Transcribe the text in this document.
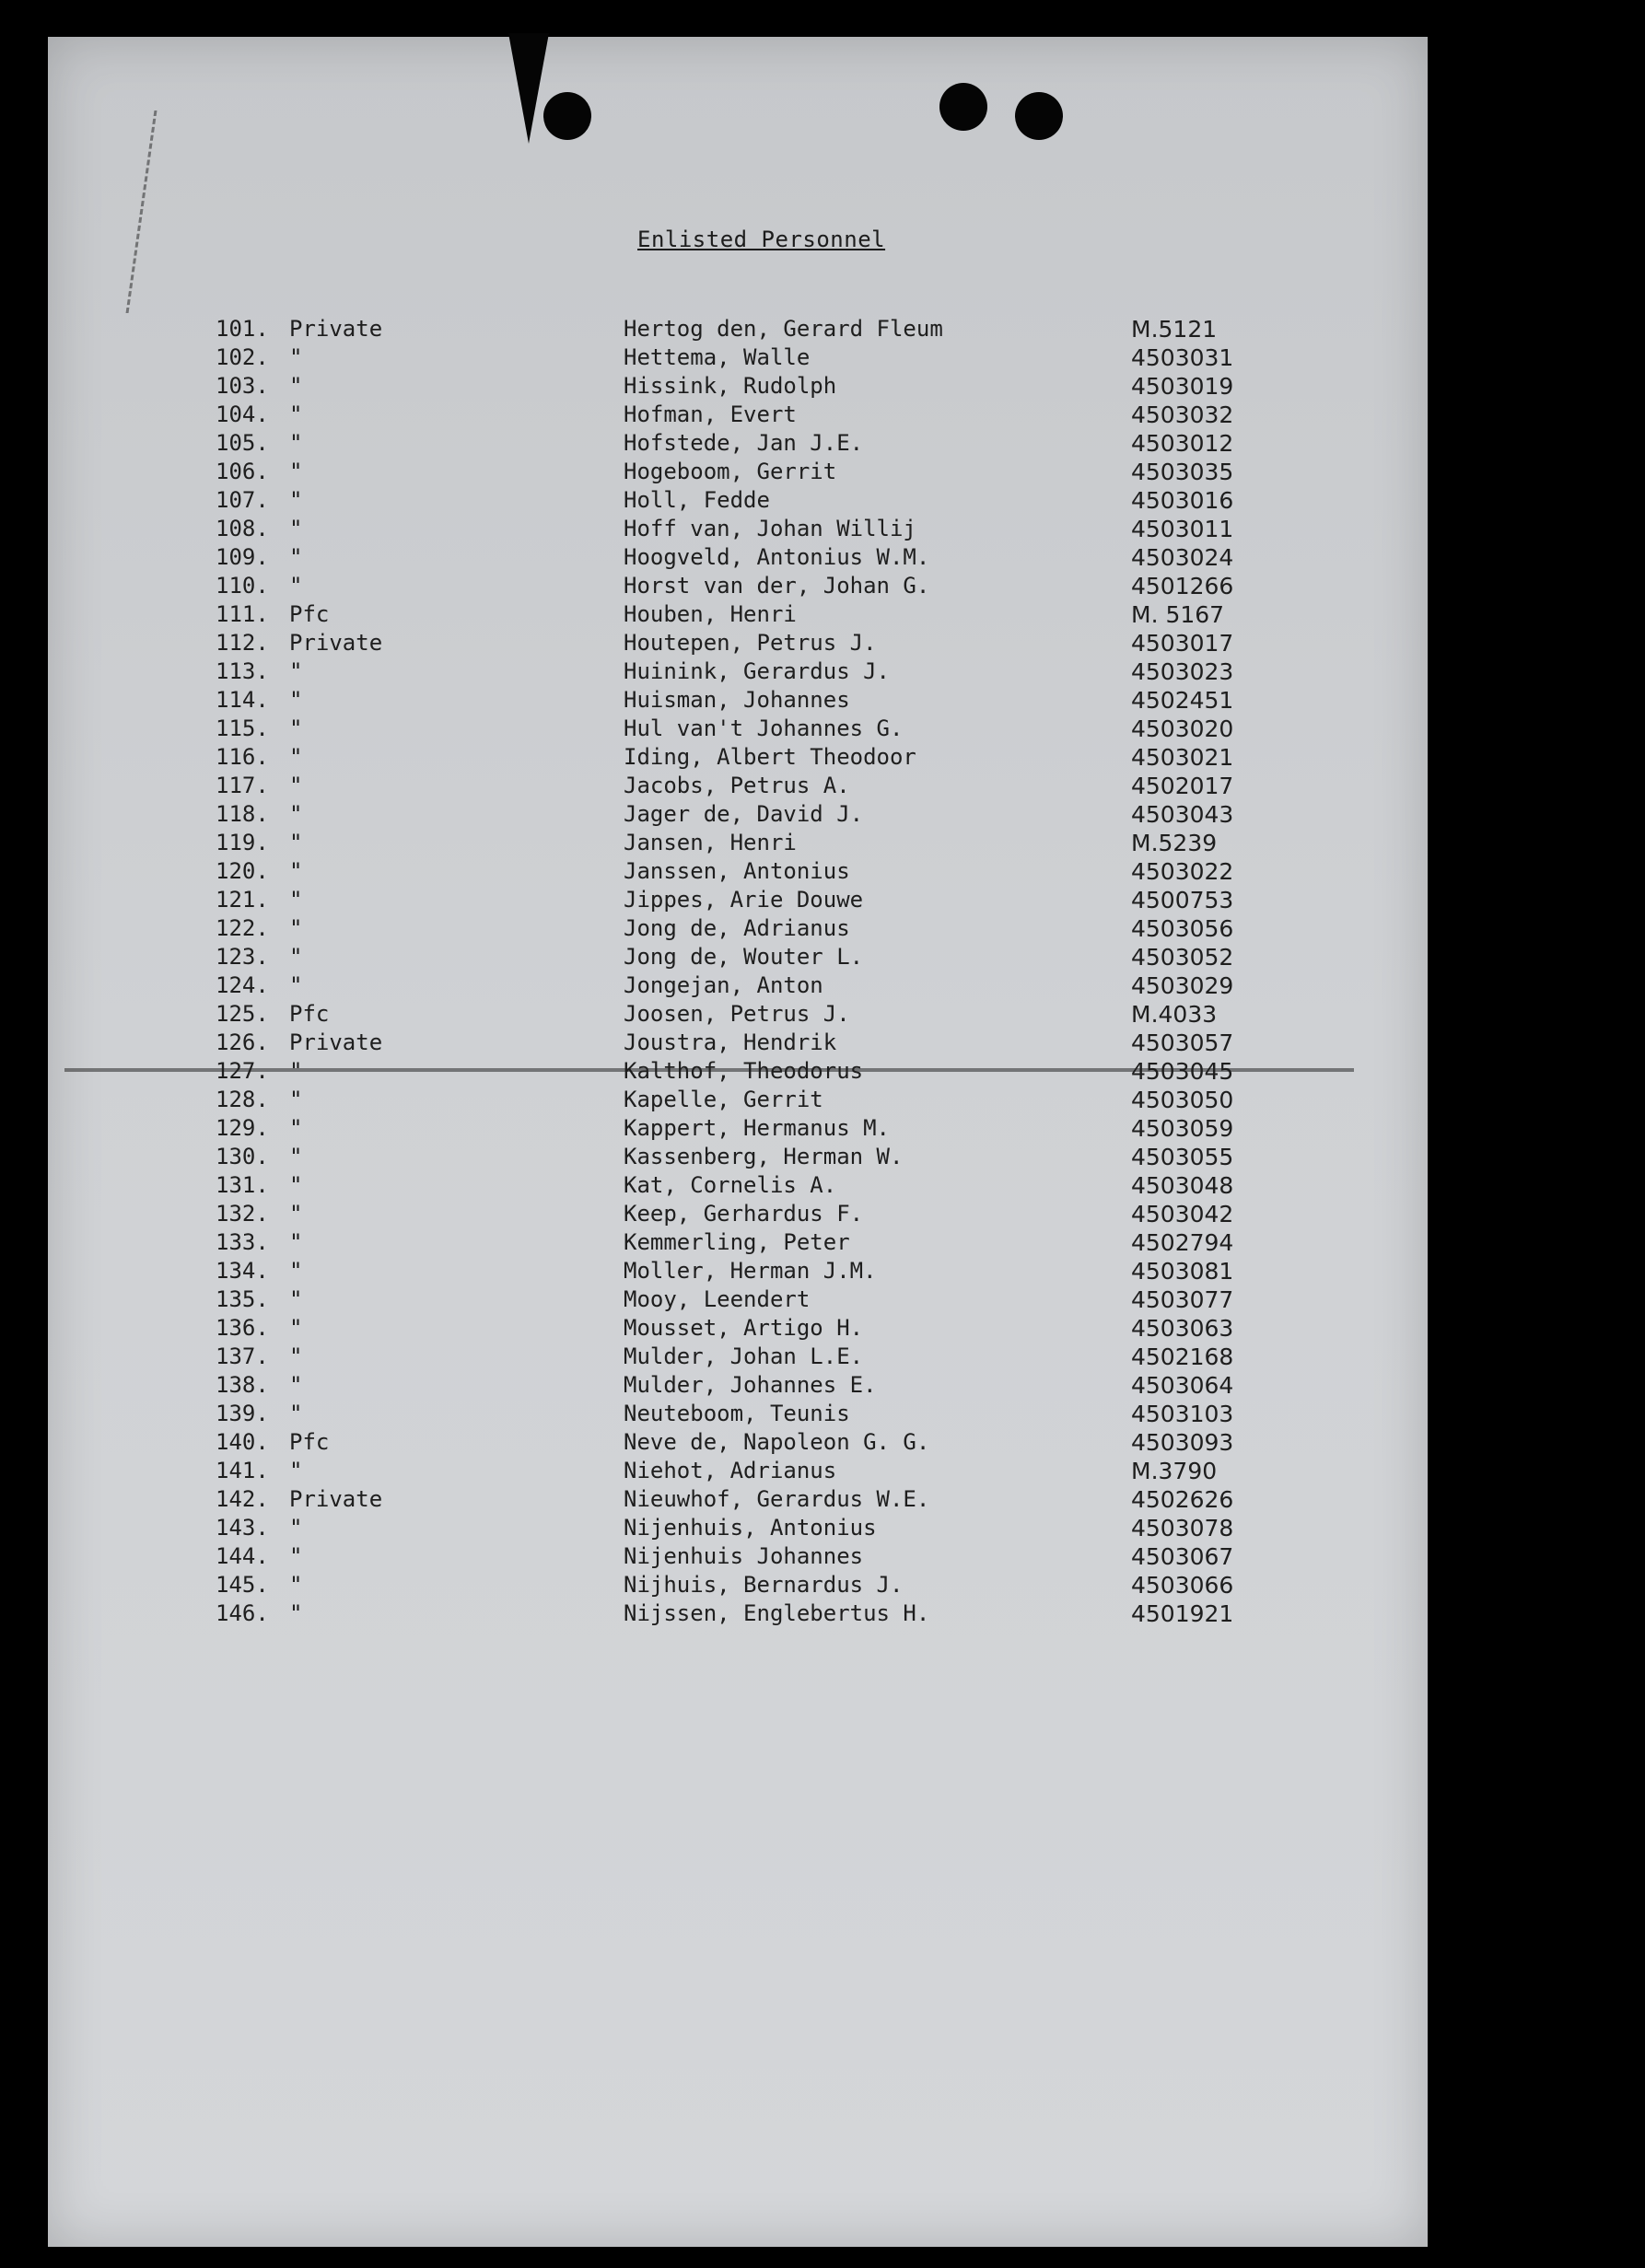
Enlisted Personnel
101. Private	Hertog den, Gerard Fleum	M.5121
102. "	Hettema, Walle	4503031
103. "	Hissink, Rudolph	4503019
104. "	Hofman, Evert	4503032
105. "	Hofstede, Jan J.E.	4503012
106. "	Hogeboom, Gerrit	4503035
107. "	Holl, Fedde	4503016
108. "	Hoff van, Johan Willij	4503011
109. "	Hoogveld, Antonius W.M.	4503024
110. "	Horst van der, Johan G.	4501266
111. Pfc	Houben, Henri	M. 5167
112. Private	Houtepen, Petrus J.	4503017
113. "	Huinink, Gerardus J.	4503023
114. "	Huisman, Johannes	4502451
115. "	Hul van't Johannes G.	4503020
116. "	Iding, Albert Theodoor	4503021
117. "	Jacobs, Petrus A.	4502017
118. "	Jager de, David J.	4503043
119. "	Jansen, Henri	M.5239
120. "	Janssen, Antonius	4503022
121. "	Jippes, Arie Douwe	4500753
122. "	Jong de, Adrianus	4503056
123. "	Jong de, Wouter L.	4503052
124. "	Jongejan, Anton	4503029
125. Pfc	Joosen, Petrus J.	M.4033
126. Private	Joustra, Hendrik	4503057
127. "	Kalthof, Theodorus	4503045
128. "	Kapelle, Gerrit	4503050
129. "	Kappert, Hermanus M.	4503059
130. "	Kassenberg, Herman W.	4503055
131. "	Kat, Cornelis A.	4503048
132. "	Keep, Gerhardus F.	4503042
133. "	Kemmerling, Peter	4502794
134. "	Moller, Herman J.M.	4503081
135. "	Mooy, Leendert	4503077
136. "	Mousset, Artigo H.	4503063
137. "	Mulder, Johan L.E.	4502168
138. "	Mulder, Johannes E.	4503064
139. "	Neuteboom, Teunis	4503103
140. Pfc	Neve de, Napoleon G. G.	4503093
141. "	Niehot, Adrianus	M.3790
142. Private	Nieuwhof, Gerardus W.E.	4502626
143. "	Nijenhuis, Antonius	4503078
144. "	Nijenhuis Johannes	4503067
145. "	Nijhuis, Bernardus J.	4503066
146. "	Nijssen, Englebertus H.	4501921
